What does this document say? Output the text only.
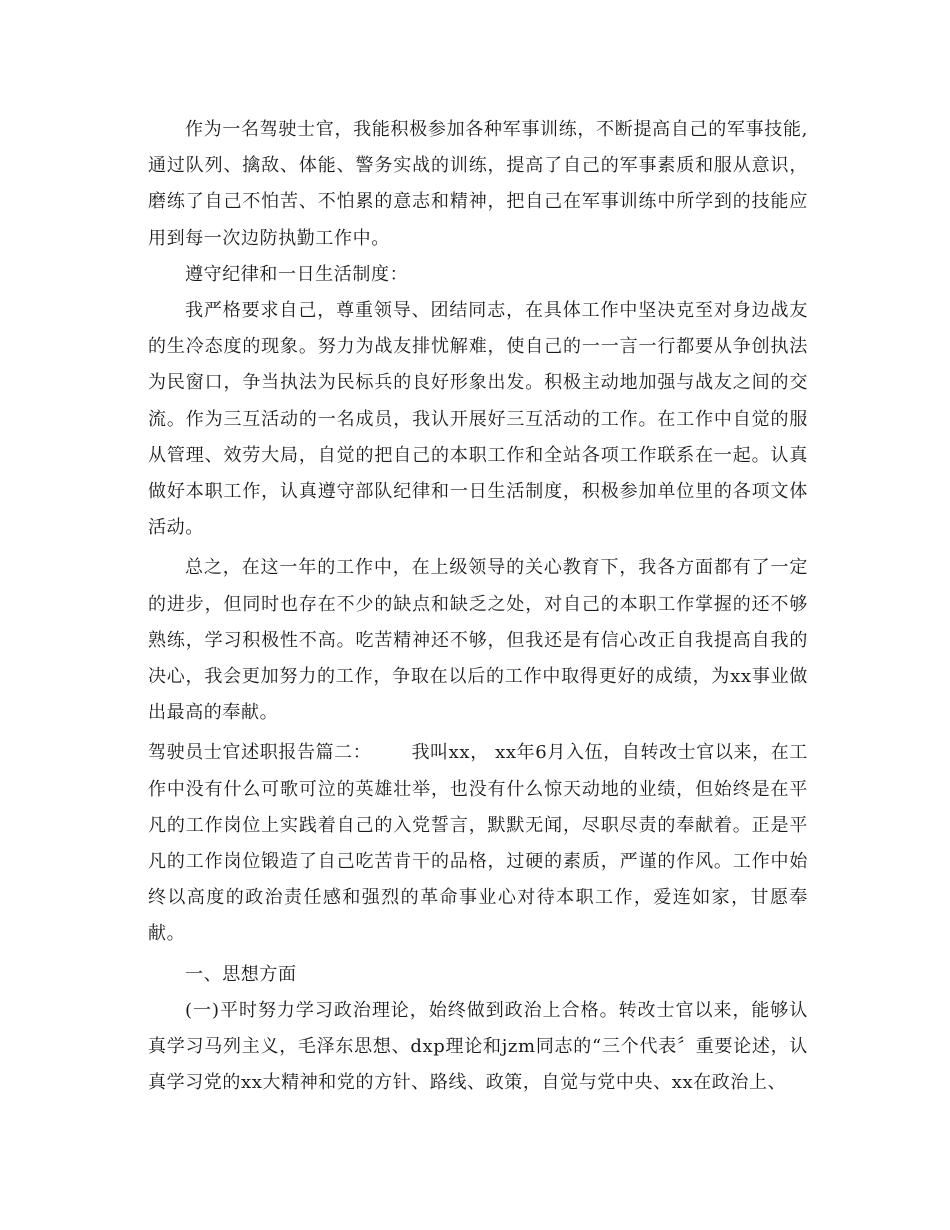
作为一名驾驶士官，我能积极参加各种军事训练，不断提高自己的军事技能,通过队列、擒敌、体能、警务实战的训练，提高了自己的军事素质和服从意识，磨练了自己不怕苦、不怕累的意志和精神，把自己在军事训练中所学到的技能应用到每一次边防执勤工作中。

遵守纪律和一日生活制度：

我严格要求自己，尊重领导、团结同志，在具体工作中坚决克至对身边战友的生冷态度的现象。努力为战友排忧解难，使自己的一一言一行都要从争创执法为民窗口，争当执法为民标兵的良好形象出发。积极主动地加强与战友之间的交流。作为三互活动的一名成员，我认开展好三互活动的工作。在工作中自觉的服从管理、效劳大局，自觉的把自己的本职工作和全站各项工作联系在一起。认真做好本职工作，认真遵守部队纪律和一日生活制度，积极参加单位里的各项文体活动。

总之，在这一年的工作中，在上级领导的关心教育下，我各方面都有了一定的进步，但同时也存在不少的缺点和缺乏之处，对自己的本职工作掌握的还不够熟练，学习积极性不高。吃苦精神还不够，但我还是有信心改正自我提高自我的决心，我会更加努力的工作，争取在以后的工作中取得更好的成绩，为xx事业做出最高的奉献。

驾驶员士官述职报告篇二： 我叫xx， xx年6月入伍，自转改士官以来，在工作中没有什么可歌可泣的英雄壮举，也没有什么惊天动地的业绩，但始终是在平凡的工作岗位上实践着自己的入党誓言，默默无闻，尽职尽责的奉献着。正是平凡的工作岗位锻造了自己吃苦肯干的品格，过硬的素质，严谨的作风。工作中始终以高度的政治责任感和强烈的革命事业心对待本职工作，爱连如家，甘愿奉献。

一、思想方面

(一)平时努力学习政治理论，始终做到政治上合格。转改士官以来，能够认真学习马列主义，毛泽东思想、dxp理论和jzm同志的“三个代表〞重要论述，认真学习党的xx大精神和党的方针、路线、政策，自觉与党中央、xx在政治上、
